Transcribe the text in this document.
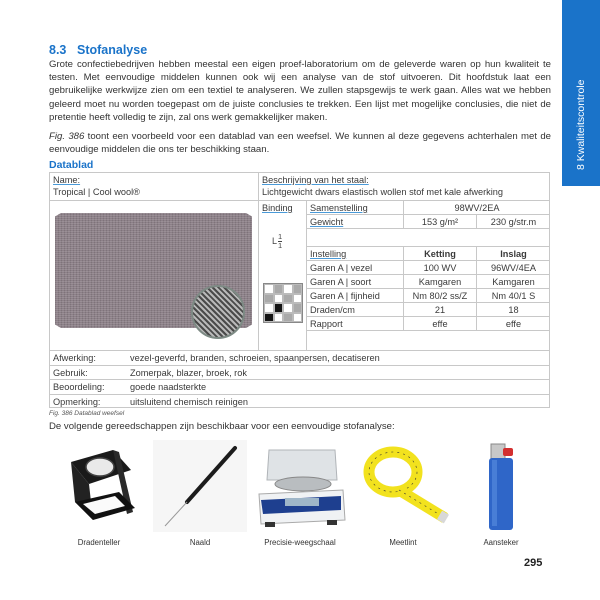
8 Kwaliteitscontrole
8.3 Stofanalyse

Grote confectiebedrijven hebben meestal een eigen proef-laboratorium om de geleverde waren op hun kwaliteit te testen. Met eenvoudige middelen kunnen ook wij een analyse van de stof uitvoeren. Dit hoofdstuk laat een gebruikelijke werkwijze zien om een textiel te analyseren. We zullen stapsgewijs te werk gaan. Alles wat we hebben geleerd moet nu worden toegepast om de juiste conclusies te trekken. Een lijst met mogelijke conclusies, die niet de pretentie heeft volledig te zijn, zal ons werk gemakkelijker maken.

Fig. 386 toont een voorbeeld voor een datablad van een weefsel. We kunnen al deze gegevens achterhalen met de eenvoudige middelen die ons ter beschikking staan.

Datablad
Name:
Tropical | Cool wool®
Beschrijving van het staal:
Lichtgewicht dwars elastisch wollen stof met kale afwerking
Binding	Samenstelling	98WV/2EA
Gewicht	153 g/m²	230 g/str.m
Instelling	Ketting	Inslag
Garen A | vezel	100 WV	96WV/4EA
Garen A | soort	Kamgaren	Kamgaren
Garen A | fijnheid	Nm 80/2 ss/Z	Nm 40/1 S
Draden/cm	21	18
Rapport	effe	effe
Afwerking:	vezel-geverfd, branden, schroeien, spaanpersen, decatiseren
Gebruik:	Zomerpak, blazer, broek, rok
Beoordeling:	goede naadsterkte
Opmerking:	uitsluitend chemisch reinigen
L $\frac{1}{1}$
Fig. 386 Datablad weefsel
De volgende gereedschappen zijn beschikbaar voor een eenvoudige stofanalyse:
Dradenteller	Naald	Precisie-weegschaal	Meetlint	Aansteker
295
